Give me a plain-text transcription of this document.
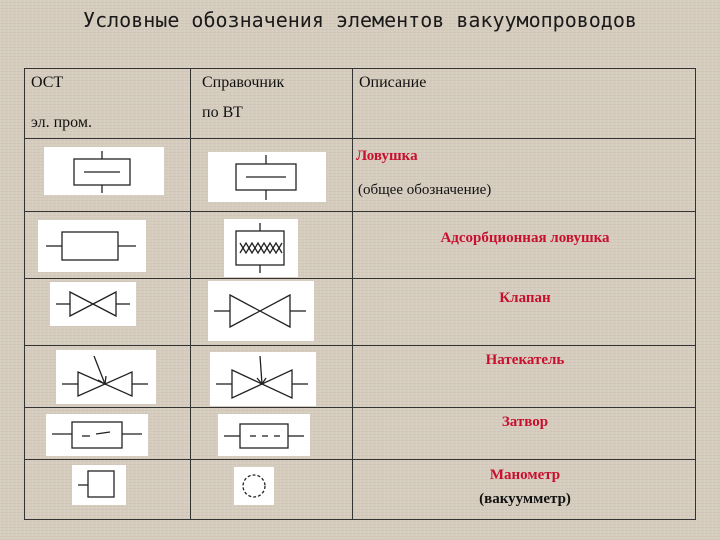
Условные обозначения элементов вакуумопроводов
ОСТ
эл. пром.
Справочник
по ВТ
Описание
Ловушка
(общее обозначение)
Адсорбционная ловушка
Клапан
Натекатель
Затвор
Манометр
(вакуумметр)
